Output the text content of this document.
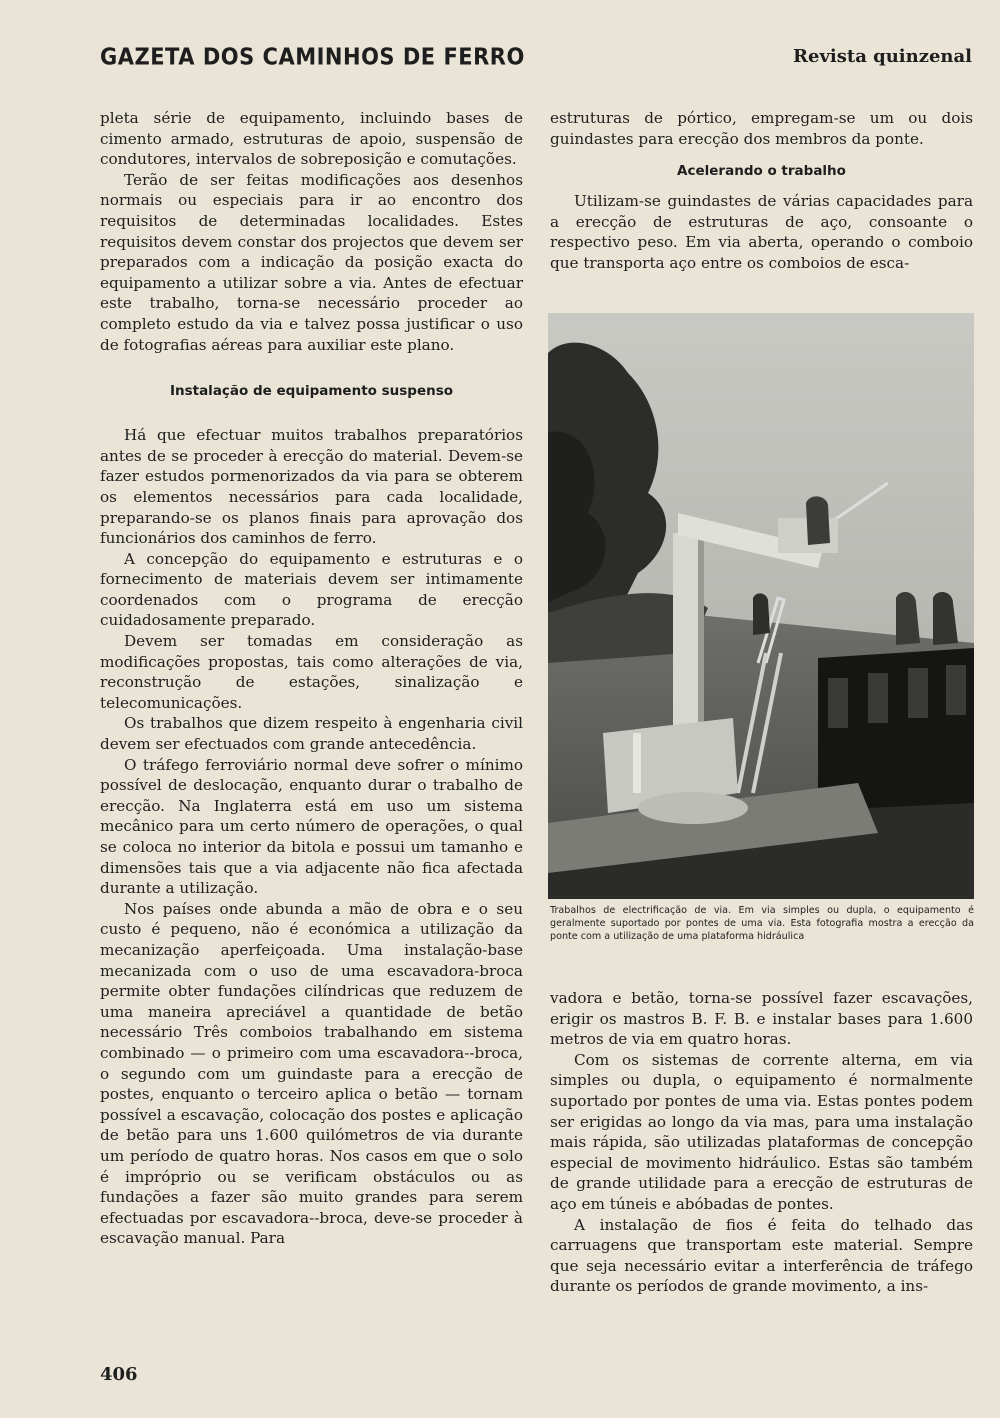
GAZETA DOS CAMINHOS DE FERRO	Revista quinzenal

pleta série de equipamento, incluindo bases de cimento armado, estruturas de apoio, suspensão de condutores, intervalos de sobreposição e comutações.

Terão de ser feitas modificações aos desenhos normais ou especiais para ir ao encontro dos requisitos de determinadas localidades. Estes requisitos devem constar dos projectos que devem ser preparados com a indicação da posição exacta do equipamento a utilizar sobre a via. Antes de efectuar este trabalho, torna-se necessário proceder ao completo estudo da via e talvez possa justificar o uso de fotografias aéreas para auxiliar este plano.

Instalação de equipamento suspenso

Há que efectuar muitos trabalhos preparatórios antes de se proceder à erecção do material. Devem-se fazer estudos pormenorizados da via para se obterem os elementos necessários para cada localidade, preparando-se os planos finais para aprovação dos funcionários dos caminhos de ferro.

A concepção do equipamento e estruturas e o fornecimento de materiais devem ser intimamente coordenados com o programa de erecção cuidadosamente preparado.

Devem ser tomadas em consideração as modificações propostas, tais como alterações de via, reconstrução de estações, sinalização e telecomunicações.

Os trabalhos que dizem respeito à engenharia civil devem ser efectuados com grande antecedência.

O tráfego ferroviário normal deve sofrer o mínimo possível de deslocação, enquanto durar o trabalho de erecção. Na Inglaterra está em uso um sistema mecânico para um certo número de operações, o qual se coloca no interior da bitola e possui um tamanho e dimensões tais que a via adjacente não fica afectada durante a utilização.

Nos países onde abunda a mão de obra e o seu custo é pequeno, não é económica a utilização da mecanização aperfeiçoada. Uma instalação-base mecanizada com o uso de uma escavadora-broca permite obter fundações cilíndricas que reduzem de uma maneira apreciável a quantidade de betão necessário Três comboios trabalhando em sistema combinado — o primeiro com uma escavadora--broca, o segundo com um guindaste para a erecção de postes, enquanto o terceiro aplica o betão — tornam possível a escavação, colocação dos postes e aplicação de betão para uns 1.600 quilómetros de via durante um período de quatro horas. Nos casos em que o solo é impróprio ou se verificam obstáculos ou as fundações a fazer são muito grandes para serem efectuadas por escavadora--broca, deve-se proceder à escavação manual. Para

estruturas de pórtico, empregam-se um ou dois guindastes para erecção dos membros da ponte.

Acelerando o trabalho

Utilizam-se guindastes de várias capacidades para a erecção de estruturas de aço, consoante o respectivo peso. Em via aberta, operando o comboio que transporta aço entre os comboios de esca-

Trabalhos de electrificação de via. Em via simples ou dupla, o equipamento é geralmente suportado por pontes de uma via. Esta fotografia mostra a erecção da ponte com a utilização de uma plataforma hidráulica

vadora e betão, torna-se possível fazer escavações, erigir os mastros B. F. B. e instalar bases para 1.600 metros de via em quatro horas.

Com os sistemas de corrente alterna, em via simples ou dupla, o equipamento é normalmente suportado por pontes de uma via. Estas pontes podem ser erigidas ao longo da via mas, para uma instalação mais rápida, são utilizadas plataformas de concepção especial de movimento hidráulico. Estas são também de grande utilidade para a erecção de estruturas de aço em túneis e abóbadas de pontes.

A instalação de fios é feita do telhado das carruagens que transportam este material. Sempre que seja necessário evitar a interferência de tráfego durante os períodos de grande movimento, a ins-

406
